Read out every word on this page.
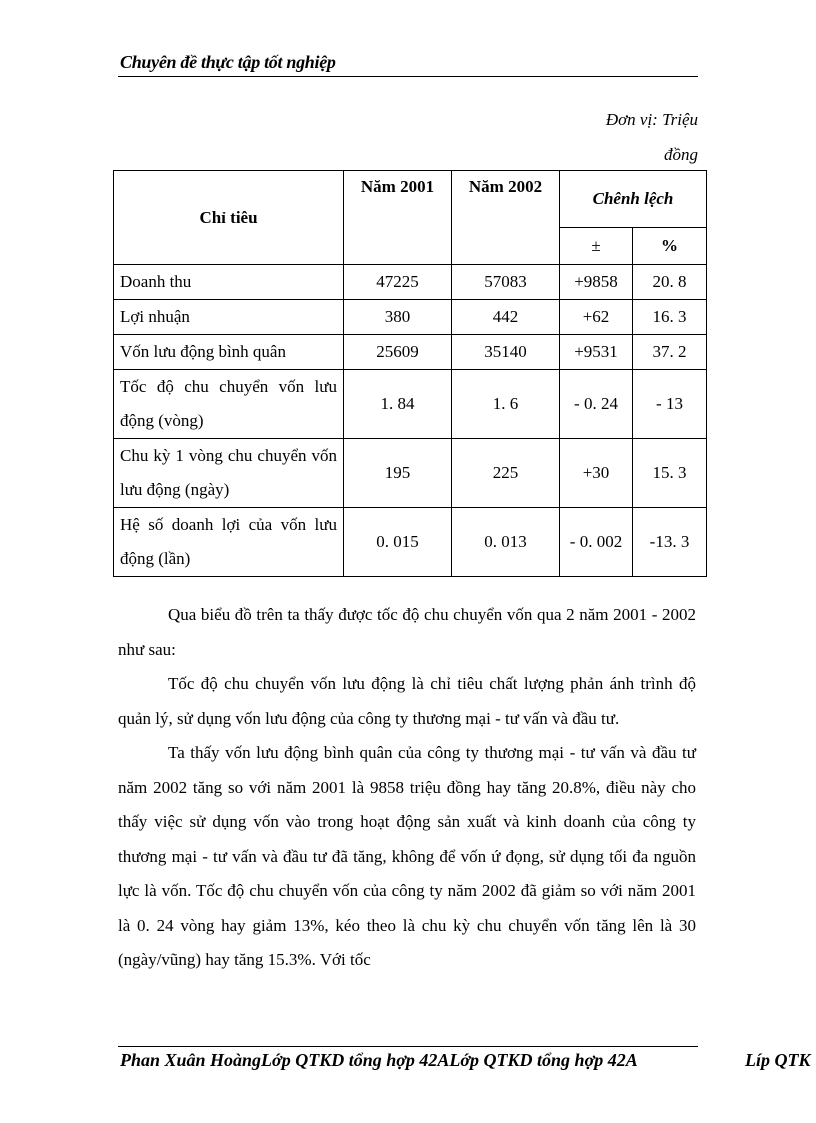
Chuyên đề thực tập tốt nghiệp
Đơn vị: Triệu
đồng
Chỉ tiêu	Năm 2001	Năm 2002	Chênh lệch	
			±	%
Doanh thu	47225	57083	+9858	20. 8
Lợi nhuận	380	442	+62	16. 3
Vốn lưu động bình quân	25609	35140	+9531	37. 2
Tốc độ chu chuyển vốn lưu động (vòng)	1. 84	1. 6	- 0. 24	- 13
Chu kỳ 1 vòng chu chuyển vốn lưu động (ngày)	195	225	+30	15. 3
Hệ số doanh lợi của vốn lưu động (lần)	0. 015	0. 013	- 0. 002	-13. 3

Qua biểu đồ trên ta thấy được tốc độ chu chuyển vốn qua 2 năm 2001 - 2002 như sau:

Tốc độ chu chuyển vốn lưu động là chỉ tiêu chất lượng phản ánh trình độ quản lý, sử dụng vốn lưu động của công ty thương mại - tư vấn và đầu tư.

Ta thấy vốn lưu động bình quân của công ty thương mại - tư vấn và đầu tư năm 2002 tăng so với năm 2001 là 9858 triệu đồng hay tăng 20.8%, điều này cho thấy việc sử dụng vốn vào trong hoạt động sản xuất và kinh doanh của công ty thương mại - tư vấn và đầu tư đã tăng, không để vốn ứ đọng, sử dụng tối đa nguồn lực là vốn. Tốc độ chu chuyển vốn của công ty năm 2002 đã giảm so với năm 2001 là 0. 24 vòng hay giảm 13%, kéo theo là chu kỳ chu chuyển vốn tăng lên là 30 (ngày/vũng) hay tăng 15.3%. Với tốc

Phan Xuân HoàngLớp QTKD tổng hợp 42ALớp QTKD tổng hợp 42A	Líp QTK
